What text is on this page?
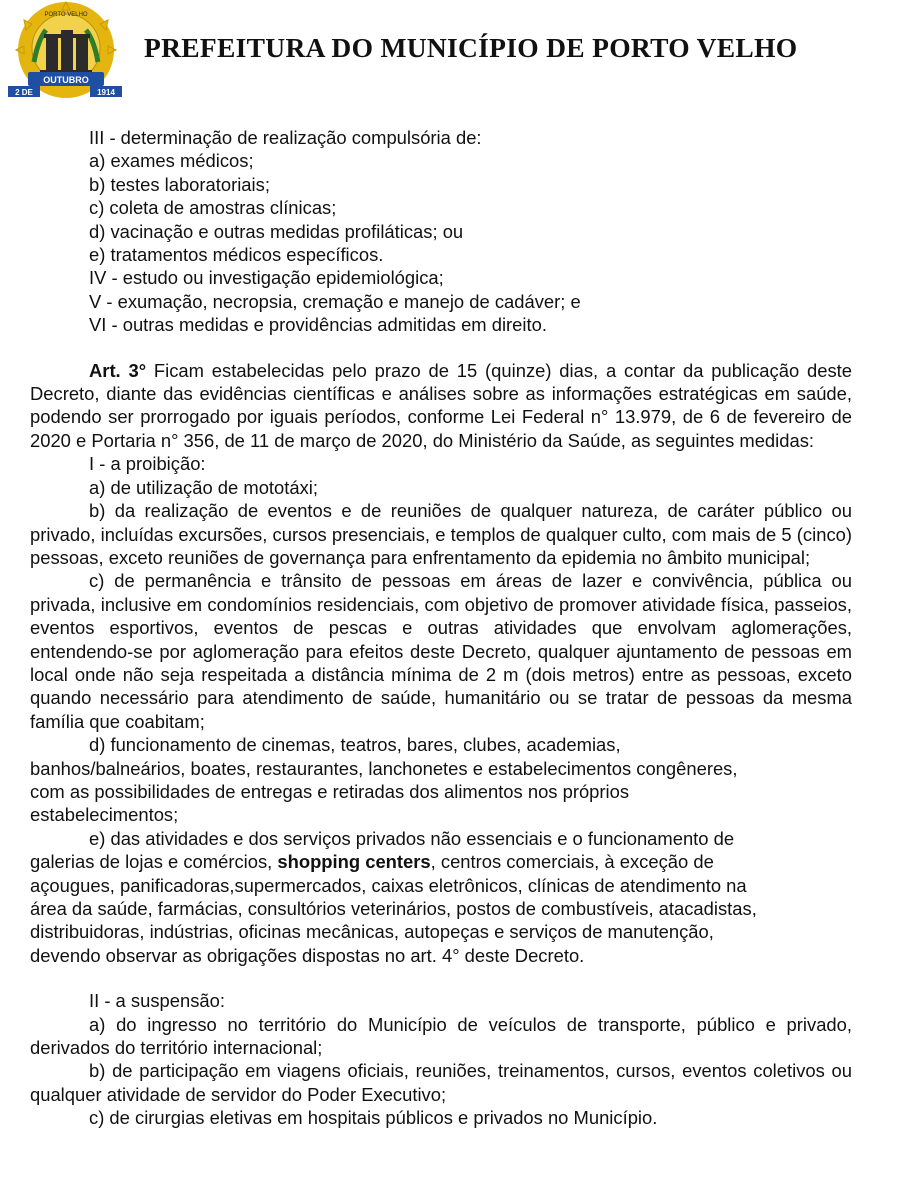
OUTUBRO
PORTO VELHO
2 DE	1914
PREFEITURA DO MUNICÍPIO DE PORTO VELHO
III - determinação de realização compulsória de:
a) exames médicos;
b) testes laboratoriais;
c) coleta de amostras clínicas;
d) vacinação e outras medidas profiláticas; ou
e) tratamentos médicos específicos.
IV - estudo ou investigação epidemiológica;
V - exumação, necropsia, cremação e manejo de cadáver; e
VI - outras medidas e providências admitidas em direito.
Art. 3° Ficam estabelecidas pelo prazo de 15 (quinze) dias, a contar da publicação deste Decreto, diante das evidências científicas e análises sobre as informações estratégicas em saúde, podendo ser prorrogado por iguais períodos, conforme Lei Federal n° 13.979, de 6 de fevereiro de 2020 e Portaria n° 356, de 11 de março de 2020, do Ministério da Saúde, as seguintes medidas:
I - a proibição:
a) de utilização de mototáxi;
b) da realização de eventos e de reuniões de qualquer natureza, de caráter público ou privado, incluídas excursões, cursos presenciais, e templos de qualquer culto, com mais de 5 (cinco) pessoas, exceto reuniões de governança para enfrentamento da epidemia no âmbito municipal;
c) de permanência e trânsito de pessoas em áreas de lazer e convivência, pública ou privada, inclusive em condomínios residenciais, com objetivo de promover atividade física, passeios, eventos esportivos, eventos de pescas e outras atividades que envolvam aglomerações, entendendo-se por aglomeração para efeitos deste Decreto, qualquer ajuntamento de pessoas em local onde não seja respeitada a distância mínima de 2 m (dois metros) entre as pessoas, exceto quando necessário para atendimento de saúde, humanitário ou se tratar de pessoas da mesma família que coabitam;
d) funcionamento de cinemas, teatros, bares, clubes, academias,
banhos/balneários, boates, restaurantes, lanchonetes e estabelecimentos congêneres,
com as possibilidades de entregas e retiradas dos alimentos nos próprios
estabelecimentos;
e) das atividades e dos serviços privados não essenciais e o funcionamento de
galerias de lojas e comércios, shopping centers, centros comerciais, à exceção de
açougues, panificadoras,supermercados, caixas eletrônicos, clínicas de atendimento na
área da saúde, farmácias, consultórios veterinários, postos de combustíveis, atacadistas,
distribuidoras, indústrias, oficinas mecânicas, autopeças e serviços de manutenção,
devendo observar as obrigações dispostas no art. 4° deste Decreto.
II - a suspensão:
a) do ingresso no território do Município de veículos de transporte, público e privado, derivados do território internacional;
b) de participação em viagens oficiais, reuniões, treinamentos, cursos, eventos coletivos ou qualquer atividade de servidor do Poder Executivo;
c) de cirurgias eletivas em hospitais públicos e privados no Município.
